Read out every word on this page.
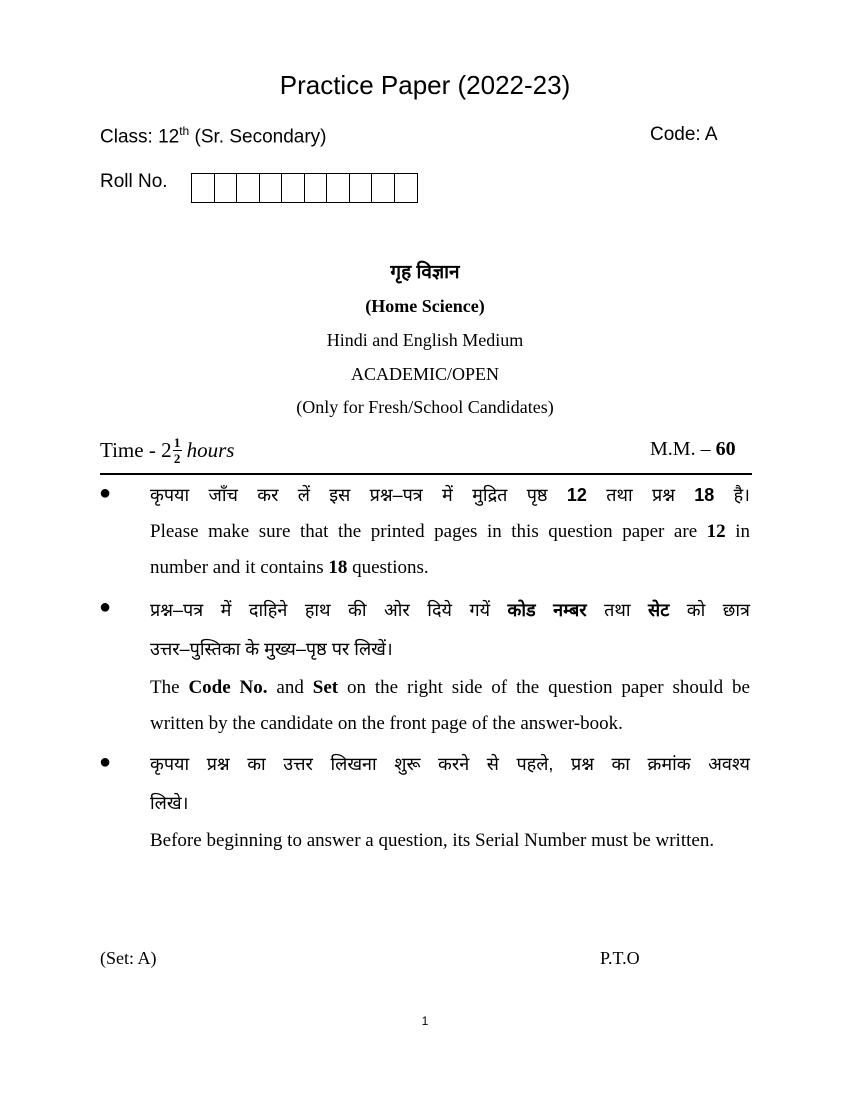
Practice Paper (2022-23)
Class: 12th (Sr. Secondary)	Code: A
Roll No.
गृह विज्ञान
(Home Science)
Hindi and English Medium
ACADEMIC/OPEN
(Only for Fresh/School Candidates)
Time - $2 \frac{1}{2}$ hours	M.M. – 60
● कृपया जाँच कर लें इस प्रश्न–पत्र में मुद्रित पृष्ठ 12 तथा प्रश्न 18 है।
Please make sure that the printed pages in this question paper are 12 in number and it contains 18 questions.
● प्रश्न–पत्र में दाहिने हाथ की ओर दिये गयें कोड नम्बर तथा सेट को छात्र
उत्तर–पुस्तिका के मुख्य–पृष्ठ पर लिखें।
The Code No. and Set on the right side of the question paper should be written by the candidate on the front page of the answer-book.
● कृपया प्रश्न का उत्तर लिखना शुरू करने से पहले, प्रश्न का क्रमांक अवश्य
लिखे।
Before beginning to answer a question, its Serial Number must be written.
(Set: A)	P.T.O
1
